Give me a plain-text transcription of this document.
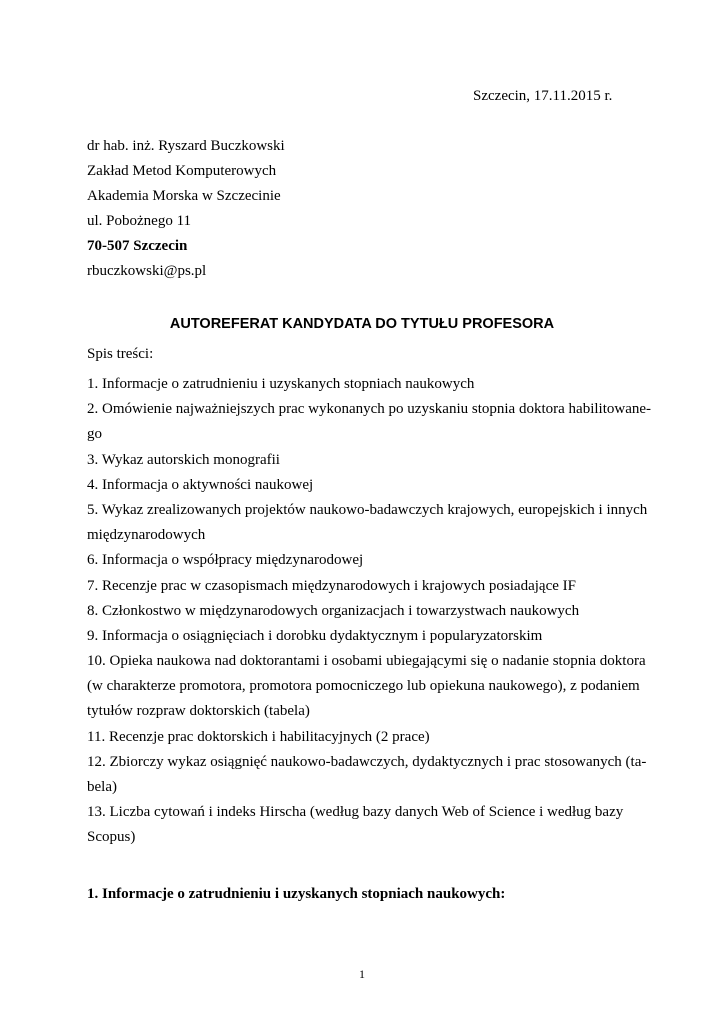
Szczecin, 17.11.2015 r.
dr hab. inż. Ryszard Buczkowski
Zakład Metod Komputerowych
Akademia Morska w Szczecinie
ul. Pobożnego 11
70-507 Szczecin
rbuczkowski@ps.pl
AUTOREFERAT KANDYDATA DO TYTUŁU PROFESORA
Spis treści:
1. Informacje o zatrudnieniu i uzyskanych stopniach naukowych
2. Omówienie najważniejszych prac wykonanych po uzyskaniu stopnia doktora habilitowane-
go
3. Wykaz autorskich monografii
4. Informacja o aktywności naukowej
5. Wykaz zrealizowanych projektów naukowo-badawczych krajowych, europejskich i innych
międzynarodowych
6. Informacja o współpracy międzynarodowej
7. Recenzje prac w czasopismach międzynarodowych i krajowych posiadające IF
8. Członkostwo w międzynarodowych organizacjach i towarzystwach naukowych
9. Informacja o osiągnięciach i dorobku dydaktycznym i popularyzatorskim
10. Opieka naukowa nad doktorantami i osobami ubiegającymi się o nadanie stopnia doktora
(w charakterze promotora, promotora pomocniczego lub opiekuna naukowego), z podaniem
tytułów rozpraw doktorskich (tabela)
11. Recenzje prac doktorskich i habilitacyjnych (2 prace)
12. Zbiorczy wykaz osiągnięć naukowo-badawczych, dydaktycznych i prac stosowanych (ta-
bela)
13. Liczba cytowań i indeks Hirscha (według bazy danych Web of Science i według bazy
Scopus)
1. Informacje o zatrudnieniu i uzyskanych stopniach naukowych:
1
